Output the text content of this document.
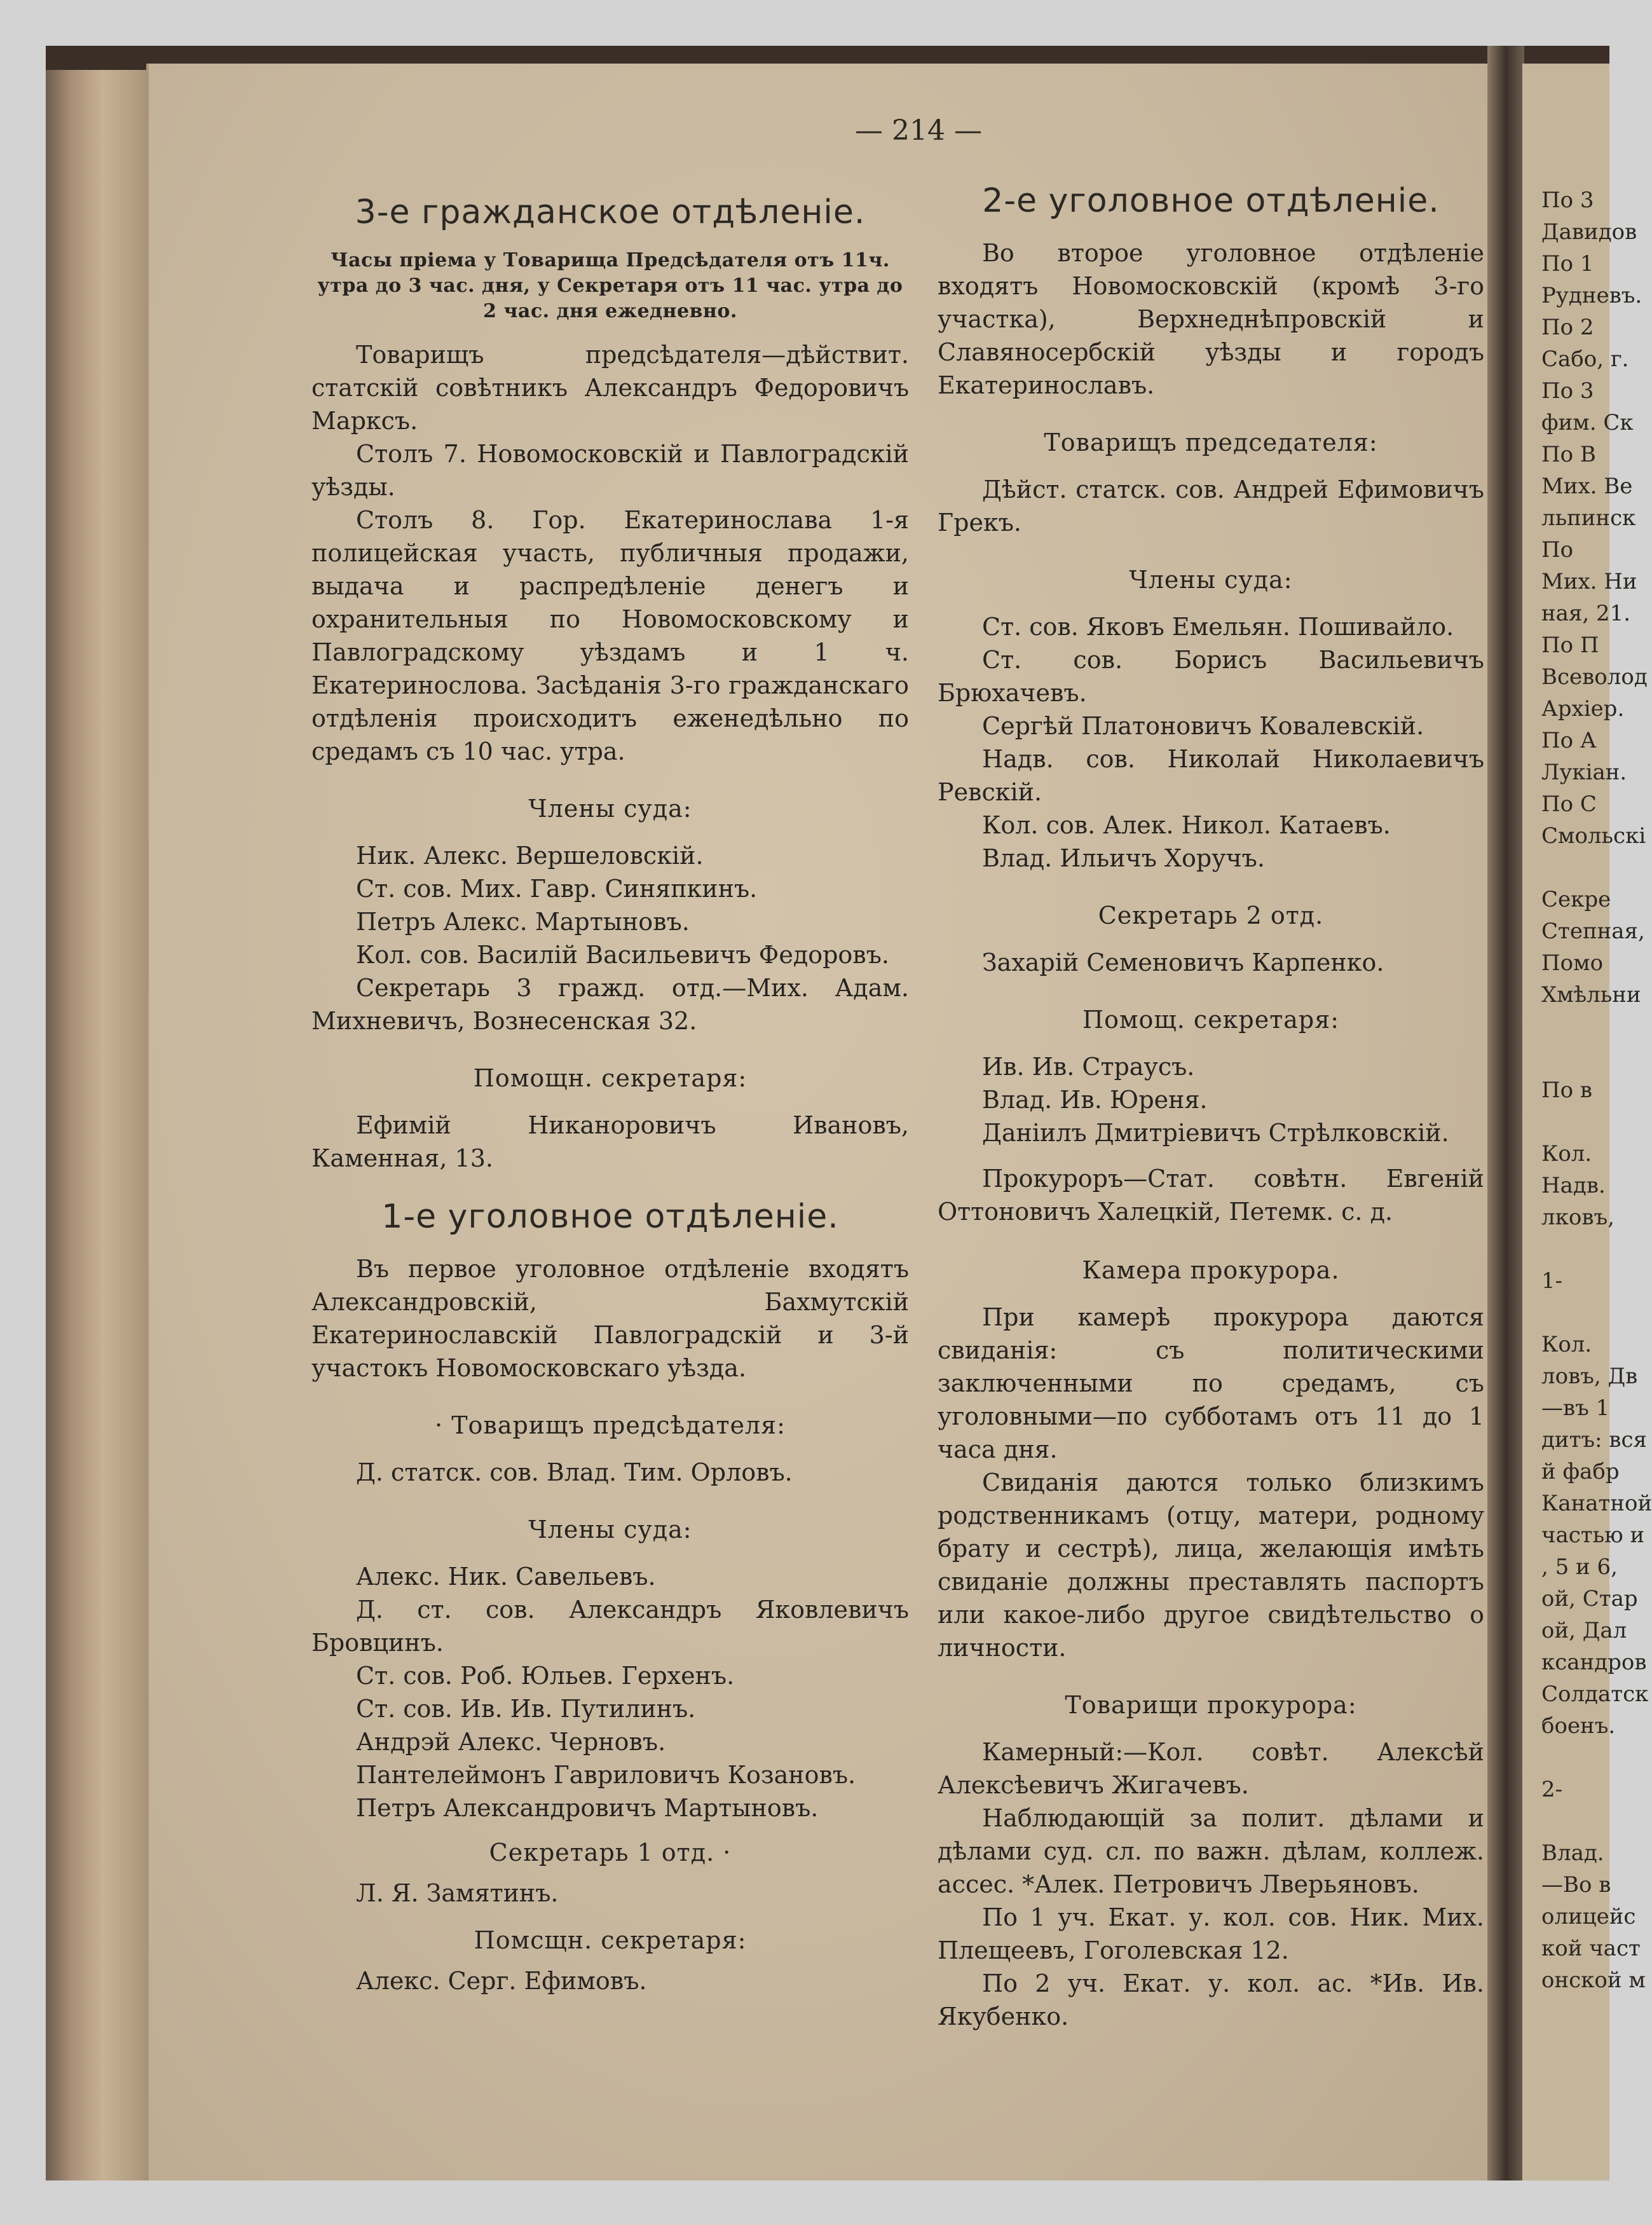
По 3
Давидов
По 1
Рудневъ.
По 2
Сабо, г.
По 3
фим. Ск
По В
Мих. Ве
льпинск
По
Мих. Ни
ная, 21.
По П
Всеволод
Архіер.
По А
Лукіан.
По С
Смольскі

Секре
Степная,
Помо
Хмѣльни

По в

Кол.
Надв.
лковъ,

1-

Кол.
ловъ, Дв
—въ 1
дитъ: вся
й фабр
Канатной
частью и
, 5 и 6,
ой, Стар
ой, Дал
ксандров
Солдатск
боенъ.

2-

Влад.
—Во в
олицейс
кой част
онской м
— 214 —
3-е гражданское отдѣленіе.
Часы пріема у Товарища Предсѣдателя отъ 11ч. утра до 3 час. дня, у Секретаря отъ 11 час. утра до 2 час. дня ежедневно.

Товарищъ предсѣдателя—дѣйствит. статскій совѣтникъ Александръ Федоровичъ Марксъ.

Столъ 7. Новомосковскій и Павлоградскій уѣзды.

Столъ 8. Гор. Екатеринослава 1-я полицейская участь, публичныя продажи, выдача и распредѣленіе денегъ и охранительныя по Новомосковскому и Павлоградскому уѣздамъ и 1 ч. Екатеринослова. Засѣданія 3-го гражданскаго отдѣленія происходитъ еженедѣльно по средамъ съ 10 час. утра.

Члены суда:

Ник. Алекс. Вершеловскій.

Ст. сов. Мих. Гавр. Синяпкинъ.

Петръ Алекс. Мартыновъ.

Кол. сов. Василій Васильевичъ Федоровъ.

Секретарь 3 гражд. отд.—Мих. Адам. Михневичъ, Вознесенская 32.

Помощн. секретаря:

Ефимій Никаноровичъ Ивановъ, Каменная, 13.

1-е уголовное отдѣленіе.

Въ первое уголовное отдѣленіе входятъ Александровскій, Бахмутскій Екатеринославскій Павлоградскій и 3-й участокъ Новомосковскаго уѣзда.

· Товарищъ предсѣдателя:

Д. статск. сов. Влад. Тим. Орловъ.

Члены суда:

Алекс. Ник. Савельевъ.

Д. ст. сов. Александръ Яковлевичъ Бровцинъ.

Ст. сов. Роб. Юльев. Герхенъ.

Ст. сов. Ив. Ив. Путилинъ.

Андрэй Алекс. Черновъ.

Пантелеймонъ Гавриловичъ Козановъ.

Петръ Александровичъ Мартыновъ.

Секретарь 1 отд. ·

Л. Я. Замятинъ.

Помсщн. секретаря:

Алекс. Серг. Ефимовъ.

2-е уголовное отдѣленіе.

Во второе уголовное отдѣленіе входятъ Новомосковскій (кромѣ 3-го участка), Верхнеднѣпровскій и Славяносербскій уѣзды и городъ Екатеринославъ.

Товарищъ председателя:

Дѣйст. статск. сов. Андрей Ефимовичъ Грекъ.

Члены суда:

Ст. сов. Яковъ Емельян. Пошивайло.

Ст. сов. Борисъ Васильевичъ Брюхачевъ.

Сергѣй Платоновичъ Ковалевскій.

Надв. сов. Николай Николаевичъ Ревскій.

Кол. сов. Алек. Никол. Катаевъ.

Влад. Ильичъ Хоручъ.

Секретарь 2 отд.

Захарій Семеновичъ Карпенко.

Помощ. секретаря:

Ив. Ив. Страусъ.

Влад. Ив. Юреня.

Даніилъ Дмитріевичъ Стрѣлковскій.

Прокуроръ—Стат. совѣтн. Евгеній Оттоновичъ Халецкій, Петемк. с. д.

Камера прокурора.

При камерѣ прокурора даются свиданія: съ политическими заключенными по средамъ, съ уголовными—по субботамъ отъ 11 до 1 часа дня.

Свиданія даются только близкимъ родственникамъ (отцу, матери, родному брату и сестрѣ), лица, желающія имѣть свиданіе должны преставлять паспортъ или какое-либо другое свидѣтельство о личности.

Товарищи прокурора:

Камерный:—Кол. совѣт. Алексѣй Алексѣевичъ Жигачевъ.

Наблюдающій за полит. дѣлами и дѣлами суд. сл. по важн. дѣлам, коллеж. ассес. *Алек. Петровичъ Лверьяновъ.

По 1 уч. Екат. у. кол. сов. Ник. Мих. Плещеевъ, Гоголевская 12.

По 2 уч. Екат. у. кол. ас. *Ив. Ив. Якубенко.
